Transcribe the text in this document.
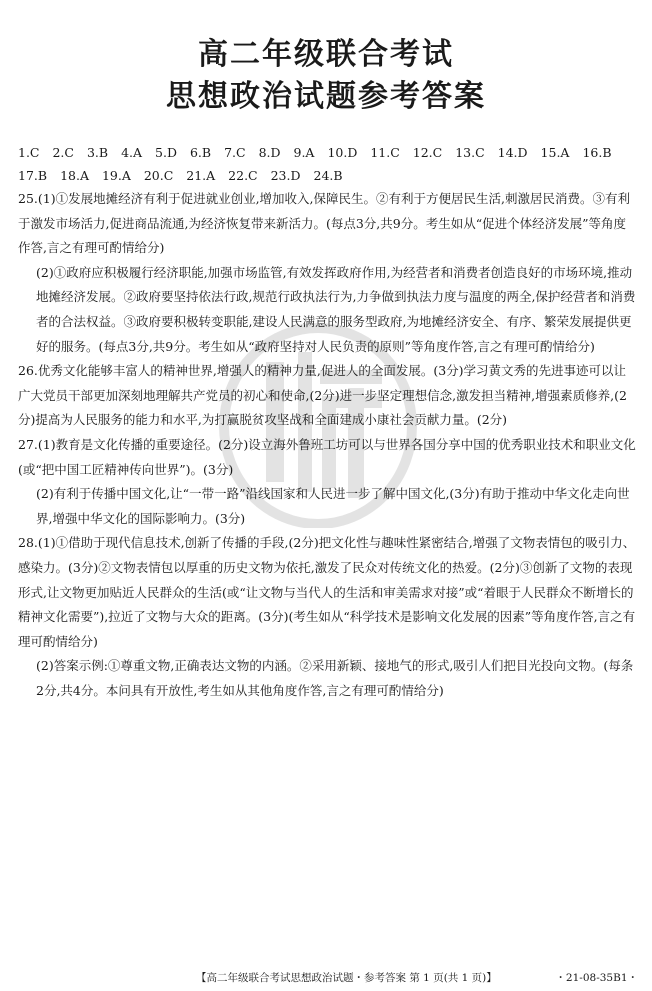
高二年级联合考试
思想政治试题参考答案
1.C 2.C 3.B 4.A 5.D 6.B 7.C 8.D 9.A 10.D 11.C 12.C 13.C 14.D 15.A 16.B
17.B 18.A 19.A 20.C 21.A 22.C 23.D 24.B

25.(1)①发展地摊经济有利于促进就业创业,增加收入,保障民生。②有利于方便居民生活,刺激居民消费。③有利于激发市场活力,促进商品流通,为经济恢复带来新活力。(每点3分,共9分。考生如从“促进个体经济发展”等角度作答,言之有理可酌情给分)

(2)①政府应积极履行经济职能,加强市场监管,有效发挥政府作用,为经营者和消费者创造良好的市场环境,推动地摊经济发展。②政府要坚持依法行政,规范行政执法行为,力争做到执法力度与温度的两全,保护经营者和消费者的合法权益。③政府要积极转变职能,建设人民满意的服务型政府,为地摊经济安全、有序、繁荣发展提供更好的服务。(每点3分,共9分。考生如从“政府坚持对人民负责的原则”等角度作答,言之有理可酌情给分)

26.优秀文化能够丰富人的精神世界,增强人的精神力量,促进人的全面发展。(3分)学习黄文秀的先进事迹可以让广大党员干部更加深刻地理解共产党员的初心和使命,(2分)进一步坚定理想信念,激发担当精神,增强素质修养,(2分)提高为人民服务的能力和水平,为打赢脱贫攻坚战和全面建成小康社会贡献力量。(2分)

27.(1)教育是文化传播的重要途径。(2分)设立海外鲁班工坊可以与世界各国分享中国的优秀职业技术和职业文化(或“把中国工匠精神传向世界”)。(3分)

(2)有利于传播中国文化,让“一带一路”沿线国家和人民进一步了解中国文化,(3分)有助于推动中华文化走向世界,增强中华文化的国际影响力。(3分)

28.(1)①借助于现代信息技术,创新了传播的手段,(2分)把文化性与趣味性紧密结合,增强了文物表情包的吸引力、感染力。(3分)②文物表情包以厚重的历史文物为依托,激发了民众对传统文化的热爱。(2分)③创新了文物的表现形式,让文物更加贴近人民群众的生活(或“让文物与当代人的生活和审美需求对接”或“着眼于人民群众不断增长的精神文化需要”),拉近了文物与大众的距离。(3分)(考生如从“科学技术是影响文化发展的因素”等角度作答,言之有理可酌情给分)

(2)答案示例:①尊重文物,正确表达文物的内涵。②采用新颖、接地气的形式,吸引人们把目光投向文物。(每条2分,共4分。本问具有开放性,考生如从其他角度作答,言之有理可酌情给分)

【高二年级联合考试思想政治试题・参考答案 第 1 页(共 1 页)】	・21-08-35B1・
